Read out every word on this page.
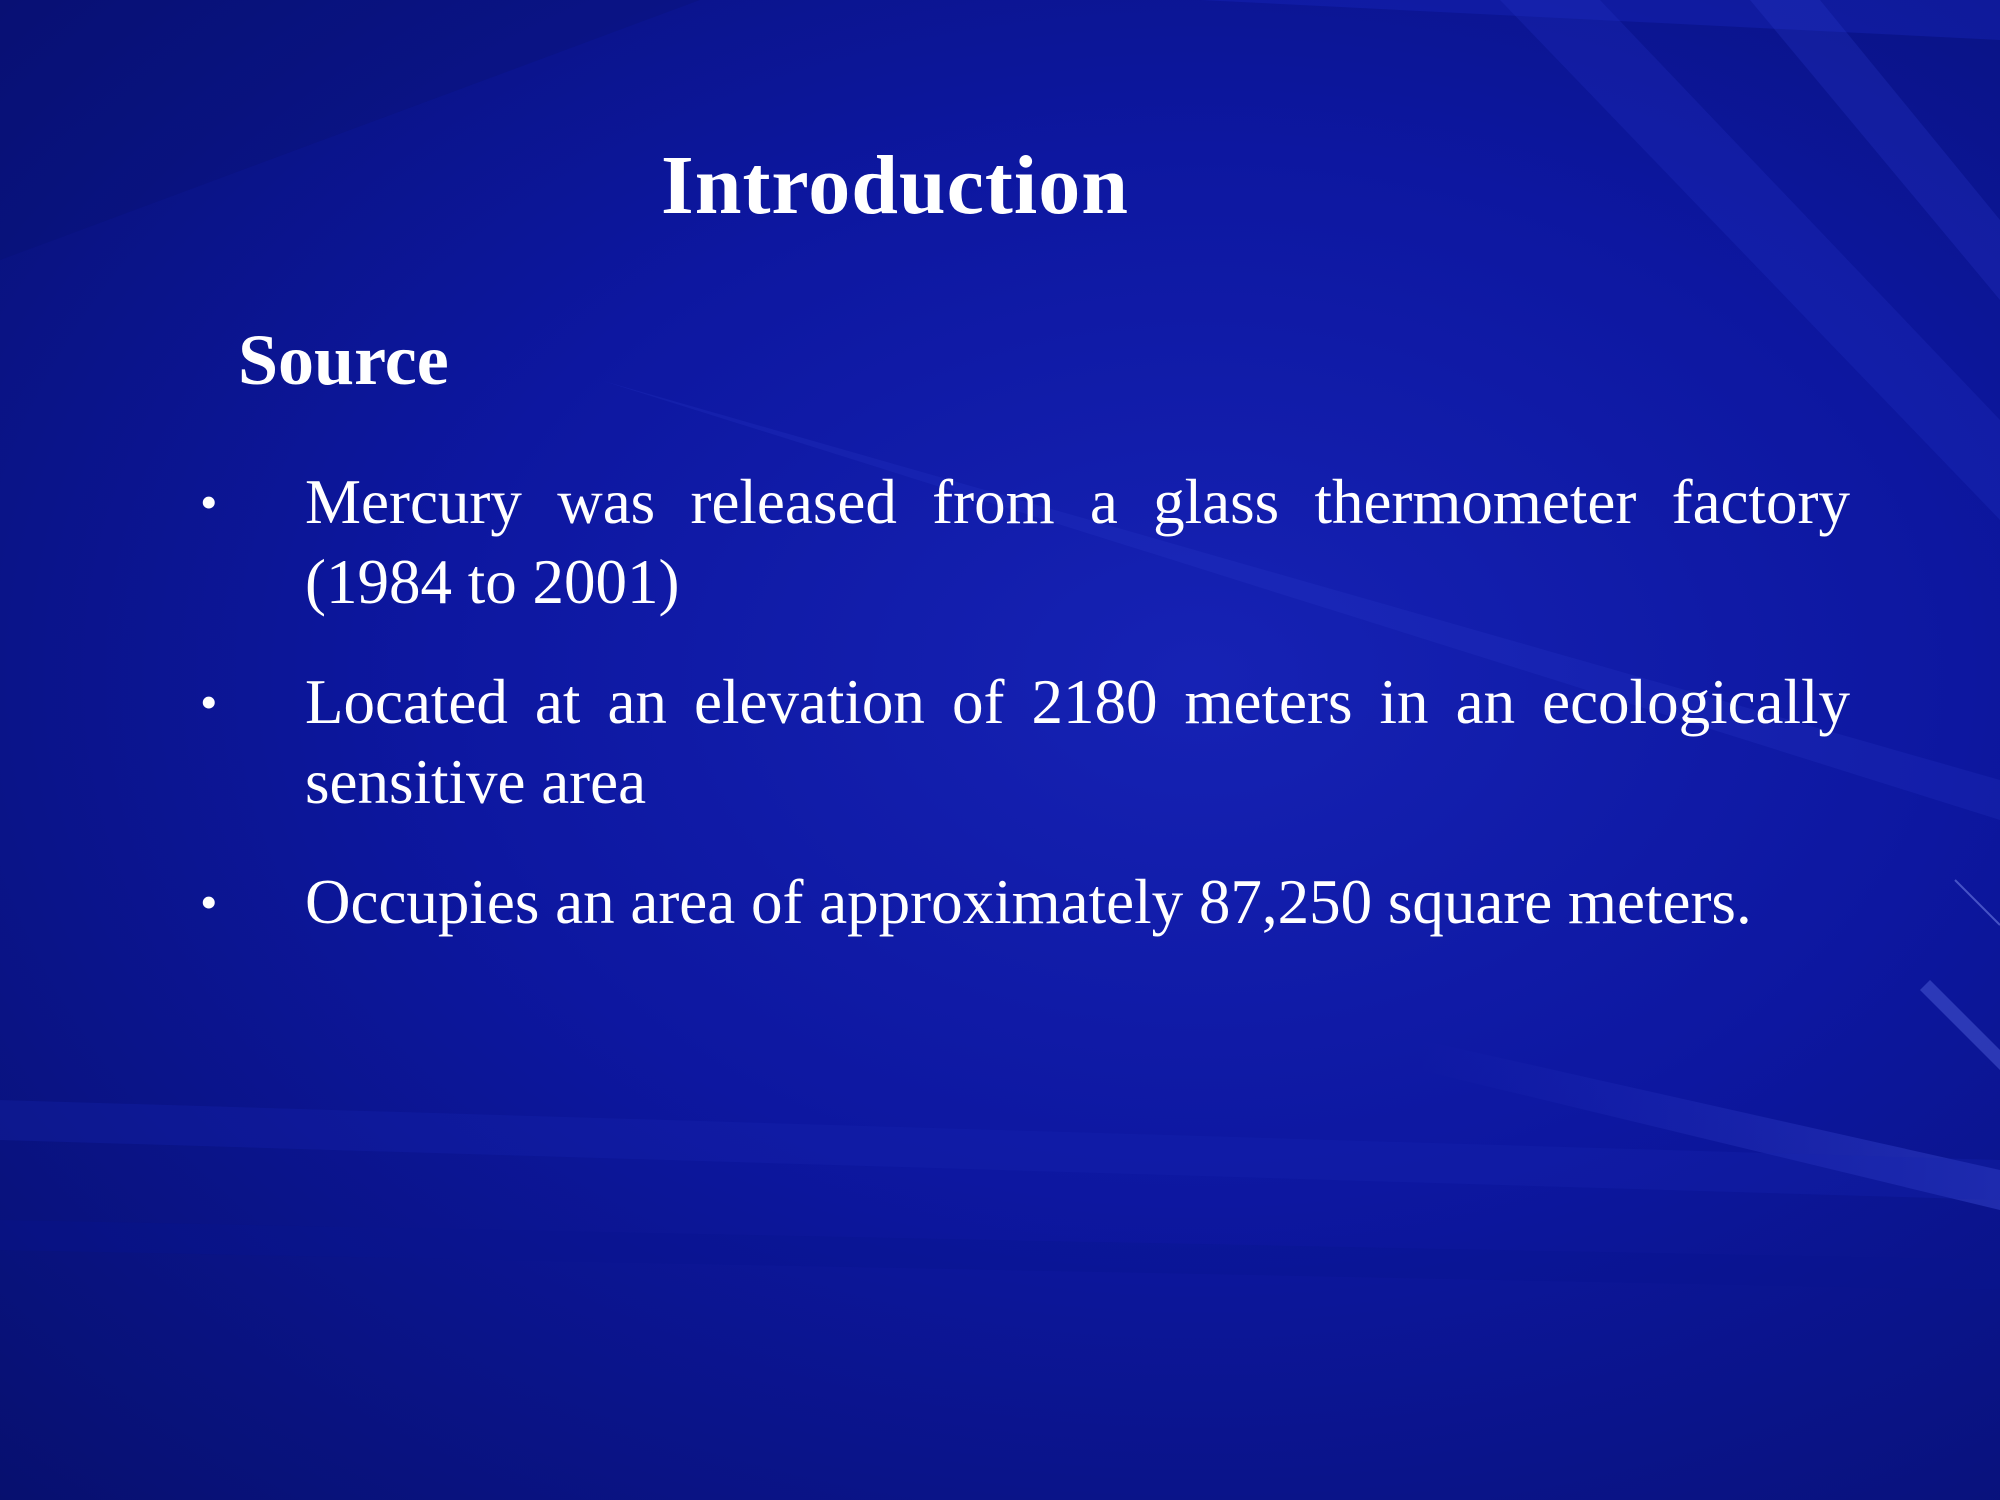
Introduction
Source
•	Mercury was released from a glass thermometer factory (1984 to 2001)
•	Located at an elevation of 2180 meters in an ecologically sensitive area
•	Occupies an area of approximately 87,250 square meters.
